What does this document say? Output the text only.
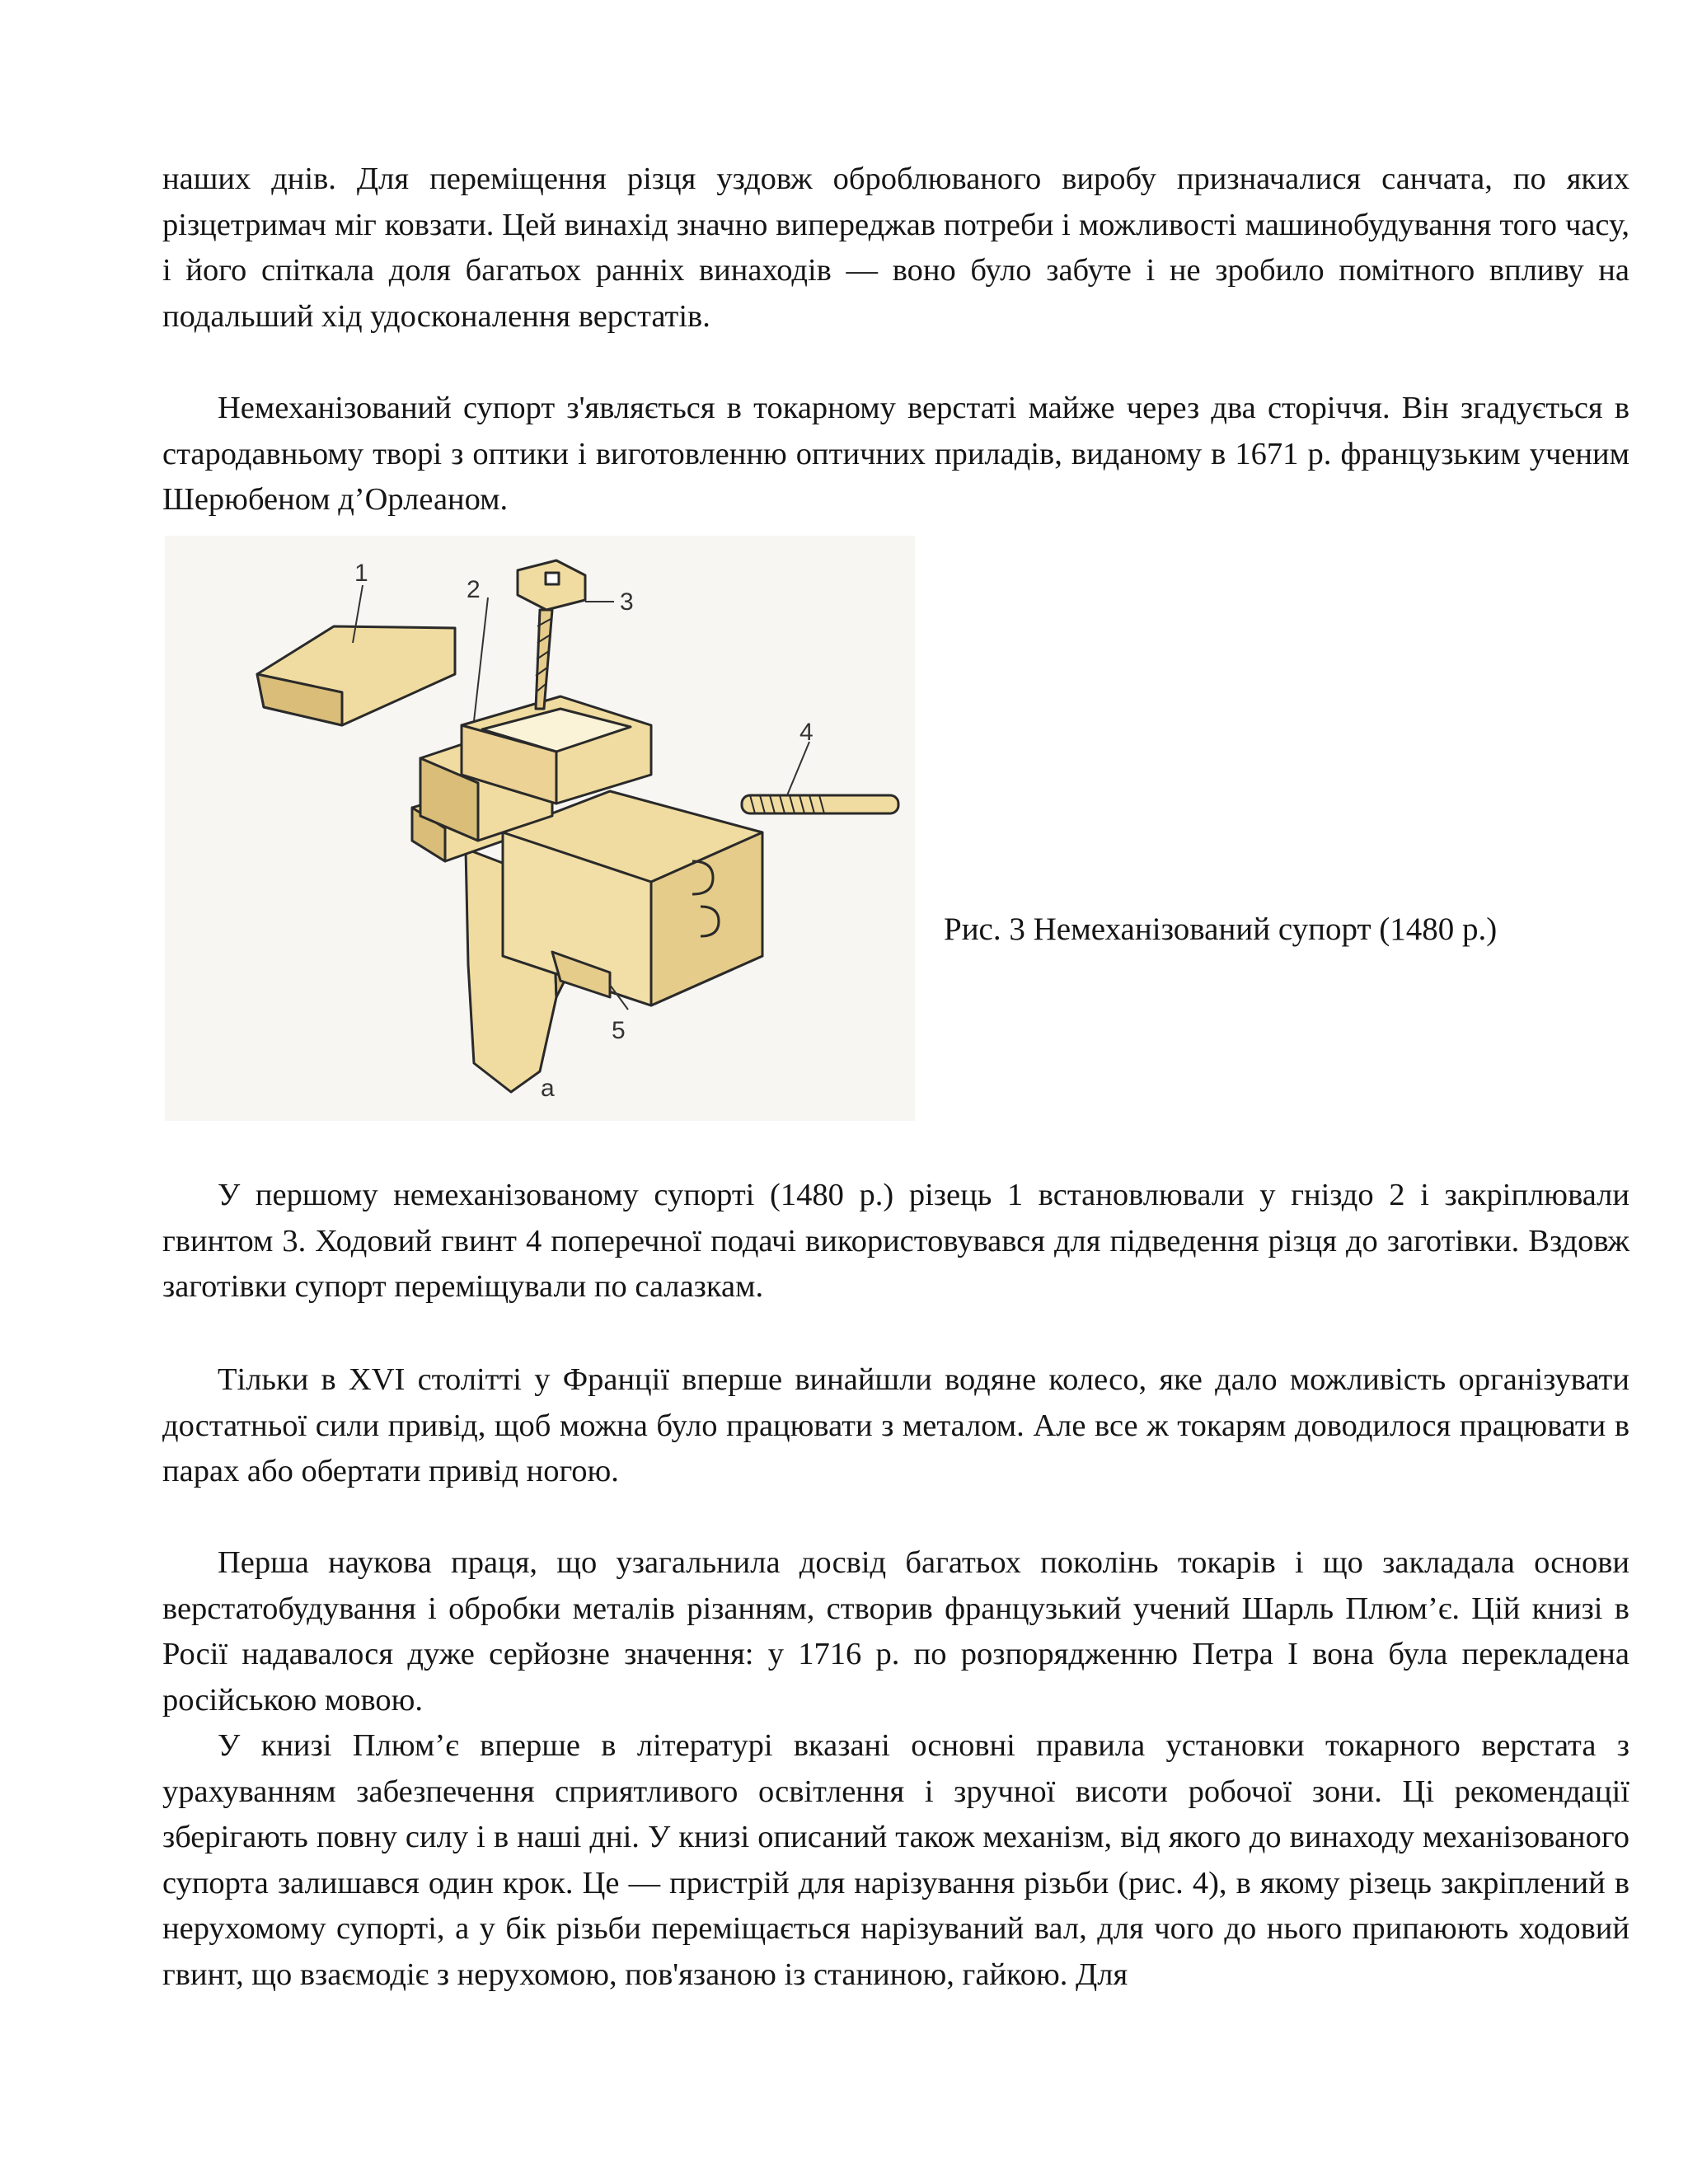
наших днів. Для переміщення різця уздовж оброблюваного виробу призначалися санчата, по яких різцетримач міг ковзати. Цей винахід значно випереджав потреби і можливості машинобудування того часу, і його спіткала доля багатьох ранніх винаходів — воно було забуте і не зробило помітного впливу на подальший хід удосконалення верстатів.

Немеханізований супорт з'являється в токарному верстаті майже через два сторіччя. Він згадується в стародавньому творі з оптики і виготовленню оптичних приладів, виданому в 1671 р. французьким ученим Шерюбеном д’Орлеаном.

1
2	3
4
5
а
Рис. 3 Немеханізований супорт (1480 р.)

У першому немеханізованому супорті (1480 р.) різець 1 встановлювали у гніздо 2 і закріплювали гвинтом 3. Ходовий гвинт 4 поперечної подачі використовувався для підведення різця до заготівки. Вздовж заготівки супорт переміщували по салазкам.

Тільки в XVI столітті у Франції вперше винайшли водяне колесо, яке дало можливість організувати достатньої сили привід, щоб можна було працювати з металом. Але все ж токарям доводилося працювати в парах або обертати привід ногою.

Перша наукова праця, що узагальнила досвід багатьох поколінь токарів і що закладала основи верстатобудування і обробки металів різанням, створив французький учений Шарль Плюм’є. Цій книзі в Росії надавалося дуже серйозне значення: у 1716 р. по розпорядженню Петра І вона була перекладена російською мовою.

У книзі Плюм’є вперше в літературі вказані основні правила установки токарного верстата з урахуванням забезпечення сприятливого освітлення і зручної висоти робочої зони. Ці рекомендації зберігають повну силу і в наші дні. У книзі описаний також механізм, від якого до винаходу механізованого супорта залишався один крок. Це — пристрій для нарізування різьби (рис. 4), в якому різець закріплений в нерухомому супорті, а у бік різьби переміщається нарізуваний вал, для чого до нього припаюють ходовий гвинт, що взаємодіє з нерухомою, пов'язаною із станиною, гайкою. Для
